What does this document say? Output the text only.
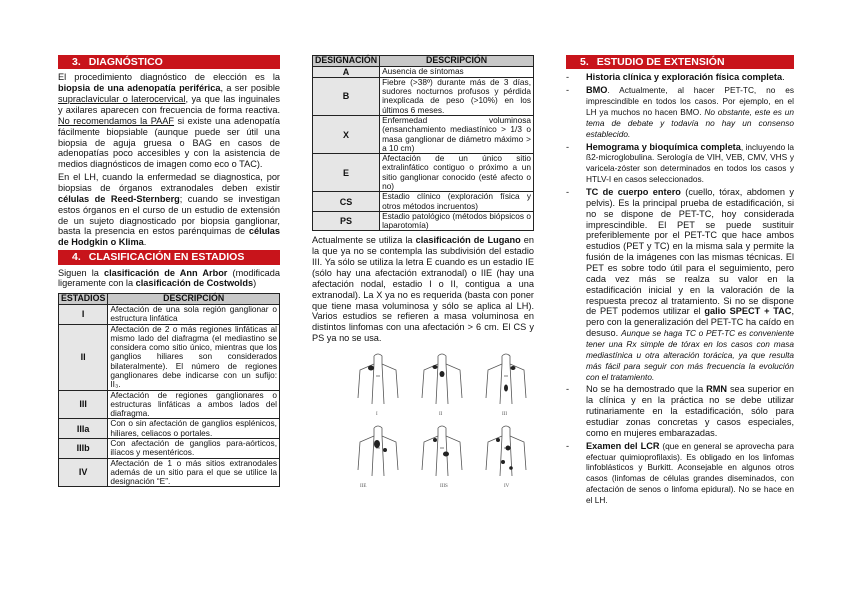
3. DIAGNÓSTICO

El procedimiento diagnóstico de elección es la biopsia de una adenopatía periférica, a ser posible supraclavicular o laterocervical, ya que las inguinales y axilares aparecen con frecuencia de forma reactiva. No recomendamos la PAAF si existe una adenopatía fácilmente biopsiable (aunque puede ser útil una biopsia de aguja gruesa o BAG en casos de adenopatías poco accesibles y con la asistencia de medios diagnósticos de imagen como eco o TAC).

En el LH, cuando la enfermedad se diagnostica, por biopsias de órganos extranodales deben existir células de Reed-Sternberg; cuando se investigan estos órganos en el curso de un estudio de extensión de un sujeto diagnosticado por biopsia ganglionar, basta la presencia en estos parénquimas de células de Hodgkin o Klima.

4. CLASIFICACIÓN EN ESTADIOS

Siguen la clasificación de Ann Arbor (modificada ligeramente con la clasificación de Costwolds)

ESTADIOS	DESCRIPCIÓN
I	Afectación de una sola región ganglionar o estructura linfática
II	Afectación de 2 o más regiones linfáticas al mismo lado del diafragma (el mediastino se considera como sitio único, mientras que los ganglios hiliares son considerados bilateralmente). El número de regiones ganglionares debe indicarse con un sufijo: II₃.
III	Afectación de regiones ganglionares o estructuras linfáticas a ambos lados del diafragma.
IIIa	Con o sin afectación de ganglios esplénicos, hiliares, celiacos o portales.
IIIb	Con afectación de ganglios para-aórticos, ilíacos y mesentéricos.
IV	Afectación de 1 o más sitios extranodales además de un sitio para el que se utilice la designación “E”.
DESIGNACIÓN	DESCRIPCIÓN
A	Ausencia de síntomas
B	Fiebre (>38º) durante más de 3 días, sudores nocturnos profusos y pérdida inexplicada de peso (>10%) en los últimos 6 meses.
X	Enfermedad voluminosa (ensanchamiento mediastínico > 1/3 o masa ganglionar de diámetro máximo > a 10 cm)
E	Afectación de un único sitio extralinfático contiguo o próximo a un sitio ganglionar conocido (esté afecto o no)
CS	Estadio clínico (exploración física y otros métodos incruentos)
PS	Estadio patológico (métodos biópsicos o laparotomía)

Actualmente se utiliza la clasificación de Lugano en la que ya no se contempla las subdivisión del estadio III. Ya sólo se utiliza la letra E cuando es un estadio IE (sólo hay una afectación extranodal) o IIE (hay una afectación nodal, estadio I o II, contigua a una extranodal). La X ya no es requerida (basta con poner que tiene masa voluminosa y sólo se aplica al LH). Varios estudios se refieren a masa voluminosa en distintos linfomas con una afectación > 6 cm. El CS y PS ya no se usa.

I	II	III
IIE	IIIS	IV
5. ESTUDIO DE EXTENSIÓN
- Historia clínica y exploración física completa.
- BMO. Actualmente, al hacer PET-TC, no es imprescindible en todos los casos. Por ejemplo, en el LH ya muchos no hacen BMO. No obstante, este es un tema de debate y todavía no hay un consenso establecido.
- Hemograma y bioquímica completa, incluyendo la ß2-microglobulina. Serología de VIH, VEB, CMV, VHS y varicela-zóster son determinados en todos los casos y HTLV-I en casos seleccionados.
- TC de cuerpo entero (cuello, tórax, abdomen y pelvis). Es la principal prueba de estadificación, si no se dispone de PET-TC, hoy considerada imprescindible. El PET se puede sustituir preferiblemente por el PET-TC que hace ambos estudios (PET y TC) en la misma sala y permite la fusión de la imágenes con las mismas técnicas. El PET es sobre todo útil para el seguimiento, pero cada vez más se realza su valor en la estadificación inicial y en la valoración de la respuesta precoz al tratamiento. Si no se dispone de PET podemos utilizar el galio SPECT + TAC, pero con la generalización del PET-TC ha caído en desuso. Aunque se haga TC o PET-TC es conveniente tener una Rx simple de tórax en los casos con masa mediastínica u otra alteración torácica, ya que resulta más fácil para seguir con más frecuencia la evolución con el tratamiento.
- No se ha demostrado que la RMN sea superior en la clínica y en la práctica no se debe utilizar rutinariamente en la estadificación, sólo para estudiar zonas concretas y casos especiales, como en mujeres embarazadas.
- Examen del LCR (que en general se aprovecha para efectuar quimioprofilaxis). Es obligado en los linfomas linfoblásticos y Burkitt. Aconsejable en algunos otros casos (linfomas de células grandes diseminados, con afectación de senos o linfoma epidural). No se hace en el LH.
